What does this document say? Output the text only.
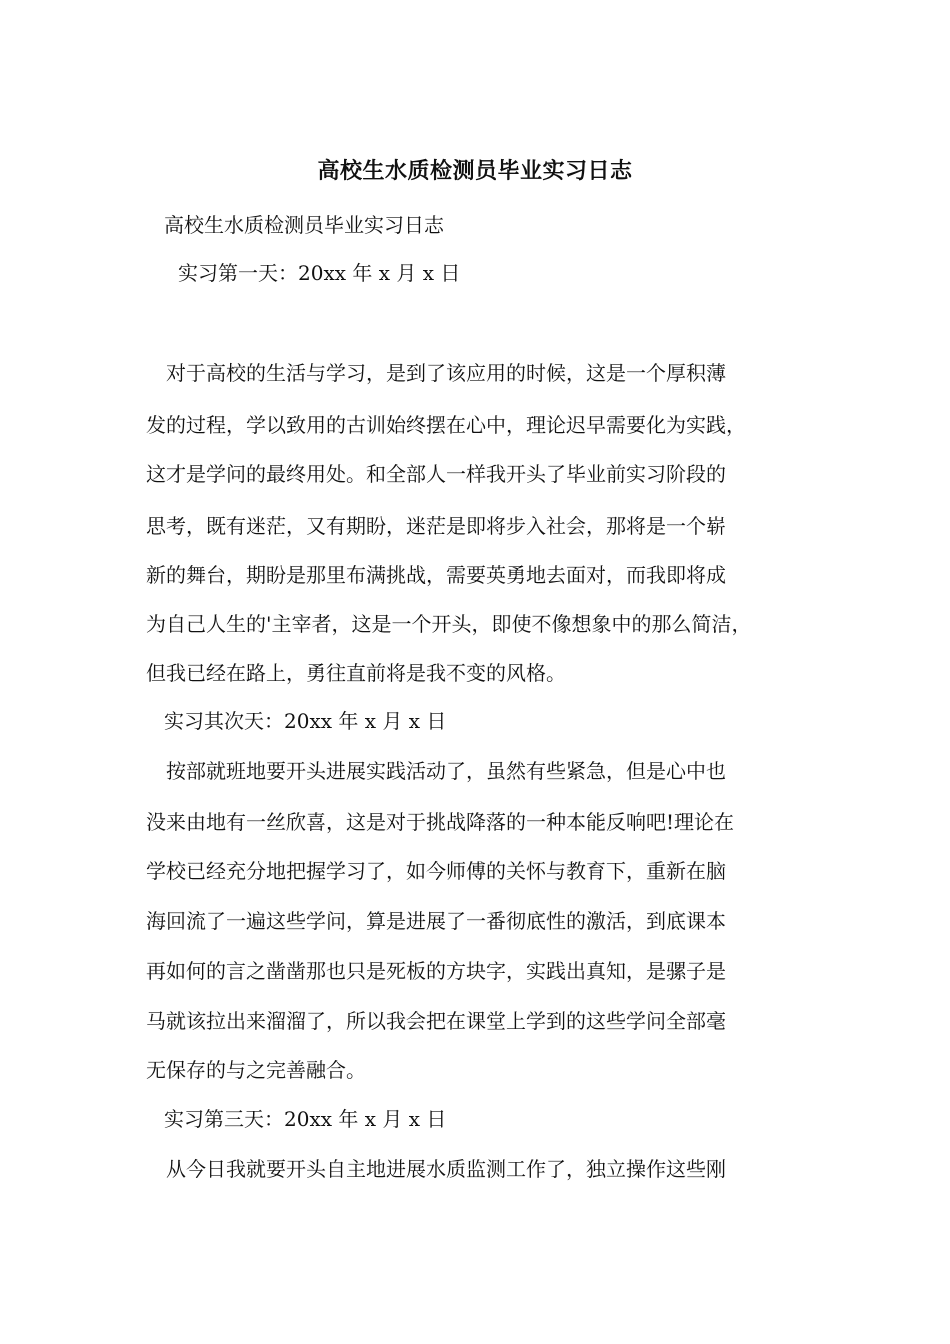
高校生水质检测员毕业实习日志
高校生水质检测员毕业实习日志
实习第一天：20xx 年 x 月 x 日
对于高校的生活与学习，是到了该应用的时候，这是一个厚积薄
发的过程，学以致用的古训始终摆在心中，理论迟早需要化为实践，
这才是学问的最终用处。和全部人一样我开头了毕业前实习阶段的
思考，既有迷茫，又有期盼，迷茫是即将步入社会，那将是一个崭
新的舞台，期盼是那里布满挑战，需要英勇地去面对，而我即将成
为自己人生的'主宰者，这是一个开头，即使不像想象中的那么简洁，
但我已经在路上，勇往直前将是我不变的风格。
实习其次天：20xx 年 x 月 x 日
按部就班地要开头进展实践活动了，虽然有些紧急，但是心中也
没来由地有一丝欣喜，这是对于挑战降落的一种本能反响吧!理论在
学校已经充分地把握学习了，如今师傅的关怀与教育下，重新在脑
海回流了一遍这些学问，算是进展了一番彻底性的激活，到底课本
再如何的言之凿凿那也只是死板的方块字，实践出真知，是骡子是
马就该拉出来溜溜了，所以我会把在课堂上学到的这些学问全部毫
无保存的与之完善融合。
实习第三天：20xx 年 x 月 x 日
从今日我就要开头自主地进展水质监测工作了，独立操作这些刚
